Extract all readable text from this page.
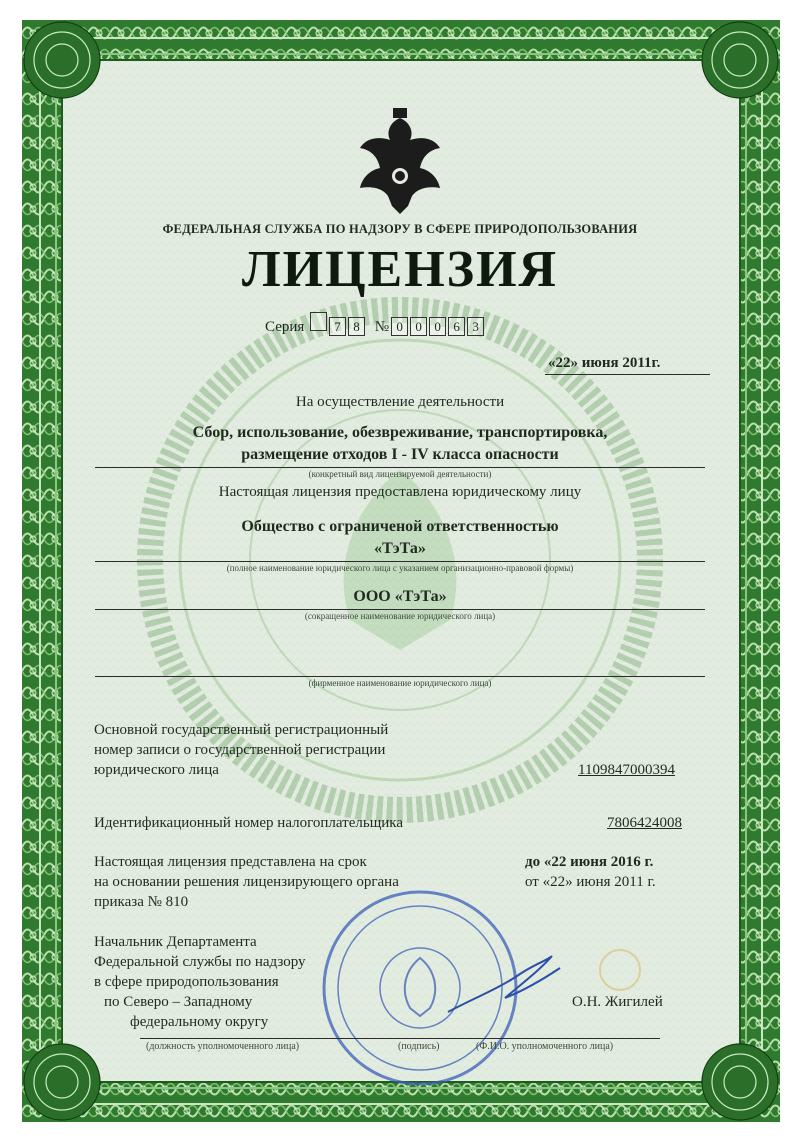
ФЕДЕРАЛЬНАЯ СЛУЖБА ПО НАДЗОРУ В СФЕРЕ ПРИРОДОПОЛЬЗОВАНИЯ

ЛИЦЕНЗИЯ

Серия 7 8 № 0 0 0 6 3

«22» июня 2011г.

На осуществление деятельности

Сбор, использование, обезвреживание, транспортировка,

размещение отходов I - IV класса опасности

(конкретный вид лицензируемой деятельности)

Настоящая лицензия предоставлена юридическому лицу

Общество с ограниченой ответственностью

«ТэТа»

(полное наименование юридического лица с указанием организационно-правовой формы)

ООО «ТэТа»

(сокращенное наименование юридического лица)

(фирменное наименование юридического лица)

Основной государственный регистрационный

номер записи о государственной регистрации

юридического лица	1109847000394

Идентификационный номер налогоплательщика	7806424008

Настоящая лицензия представлена на срок	до «22 июня 2016 г.

на основании решения лицензирующего органа	от «22» июня 2011 г.

приказа № 810

Начальник Департамента

Федеральной службы по надзору

в сфере природопользования

по Северо – Западному

федеральному округу

О.Н. Жигилей

(должность уполномоченного лица)	(подпись)	(Ф.И.О. уполномоченного лица)
